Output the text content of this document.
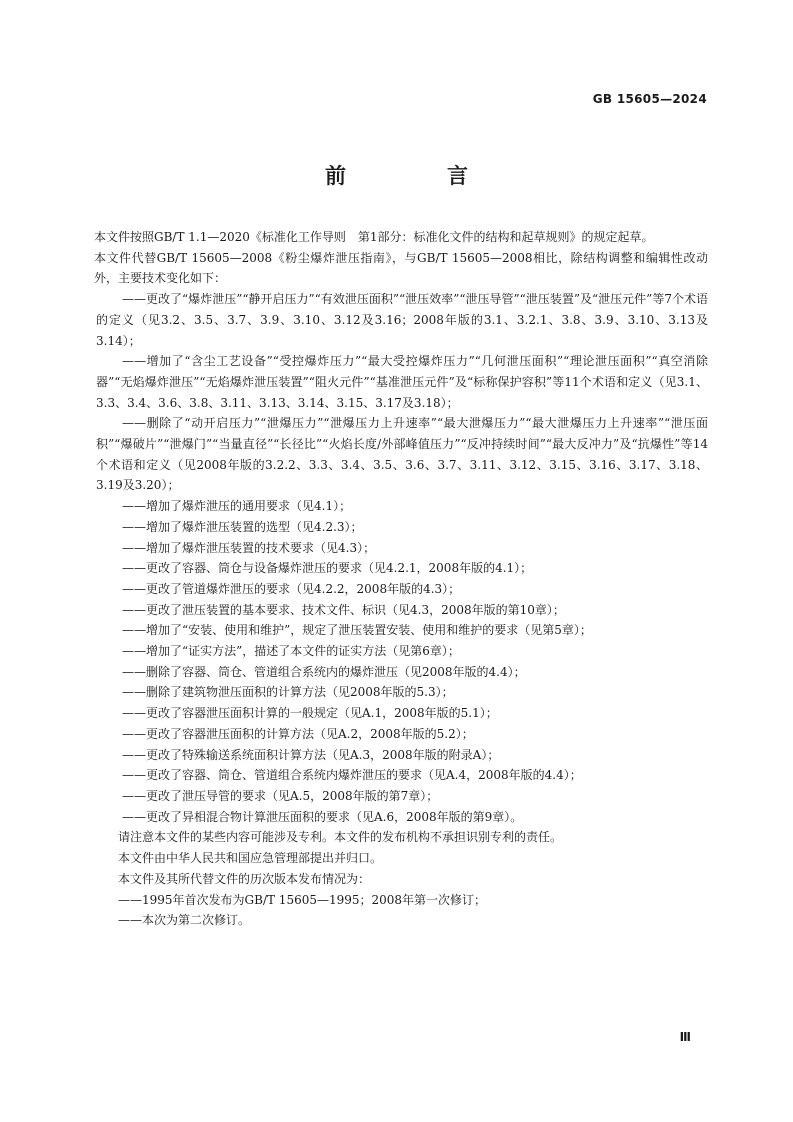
GB 15605—2024
前　言

本文件按照GB/T 1.1—2020《标准化工作导则　第1部分：标准化文件的结构和起草规则》的规定起草。

本文件代替GB/T 15605—2008《粉尘爆炸泄压指南》，与GB/T 15605—2008相比，除结构调整和编辑性改动外，主要技术变化如下：

——更改了“爆炸泄压”“静开启压力”“有效泄压面积”“泄压效率”“泄压导管”“泄压装置”及“泄压元件”等7个术语的定义（见3.2、3.5、3.7、3.9、3.10、3.12及3.16；2008年版的3.1、3.2.1、3.8、3.9、3.10、3.13及3.14）；

——增加了“含尘工艺设备”“受控爆炸压力”“最大受控爆炸压力”“几何泄压面积”“理论泄压面积”“真空消除器”“无焰爆炸泄压”“无焰爆炸泄压装置”“阻火元件”“基准泄压元件”及“标称保护容积”等11个术语和定义（见3.1、3.3、3.4、3.6、3.8、3.11、3.13、3.14、3.15、3.17及3.18）；

——删除了“动开启压力”“泄爆压力”“泄爆压力上升速率”“最大泄爆压力”“最大泄爆压力上升速率”“泄压面积”“爆破片”“泄爆门”“当量直径”“长径比”“火焰长度/外部峰值压力”“反冲持续时间”“最大反冲力”及“抗爆性”等14个术语和定义（见2008年版的3.2.2、3.3、3.4、3.5、3.6、3.7、3.11、3.12、3.15、3.16、3.17、3.18、3.19及3.20）；

——增加了爆炸泄压的通用要求（见4.1）；

——增加了爆炸泄压装置的选型（见4.2.3）；

——增加了爆炸泄压装置的技术要求（见4.3）；

——更改了容器、筒仓与设备爆炸泄压的要求（见4.2.1，2008年版的4.1）；

——更改了管道爆炸泄压的要求（见4.2.2，2008年版的4.3）；

——更改了泄压装置的基本要求、技术文件、标识（见4.3，2008年版的第10章）；

——增加了“安装、使用和维护”，规定了泄压装置安装、使用和维护的要求（见第5章）；

——增加了“证实方法”，描述了本文件的证实方法（见第6章）；

——删除了容器、筒仓、管道组合系统内的爆炸泄压（见2008年版的4.4）；

——删除了建筑物泄压面积的计算方法（见2008年版的5.3）；

——更改了容器泄压面积计算的一般规定（见A.1，2008年版的5.1）；

——更改了容器泄压面积的计算方法（见A.2，2008年版的5.2）；

——更改了特殊输送系统面积计算方法（见A.3，2008年版的附录A）；

——更改了容器、筒仓、管道组合系统内爆炸泄压的要求（见A.4，2008年版的4.4）；

——更改了泄压导管的要求（见A.5，2008年版的第7章）；

——更改了异相混合物计算泄压面积的要求（见A.6，2008年版的第9章）。

请注意本文件的某些内容可能涉及专利。本文件的发布机构不承担识别专利的责任。

本文件由中华人民共和国应急管理部提出并归口。

本文件及其所代替文件的历次版本发布情况为：

——1995年首次发布为GB/T 15605—1995；2008年第一次修订；

——本次为第二次修订。

Ⅲ
